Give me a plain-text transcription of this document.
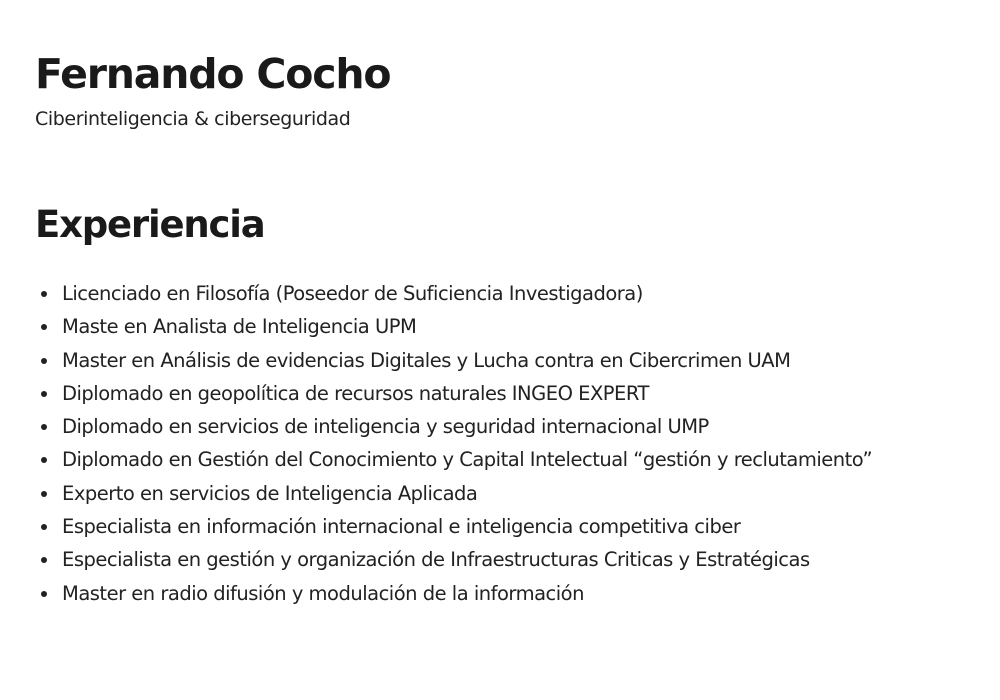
Fernando Cocho
Ciberinteligencia & ciberseguridad
Experiencia
Licenciado en Filosofía (Poseedor de Suficiencia Investigadora)
Maste en Analista de Inteligencia UPM
Master en Análisis de evidencias Digitales y Lucha contra en Cibercrimen UAM
Diplomado en geopolítica de recursos naturales INGEO EXPERT
Diplomado en servicios de inteligencia y seguridad internacional UMP
Diplomado en Gestión del Conocimiento y Capital Intelectual “gestión y reclutamiento”
Experto en servicios de Inteligencia Aplicada
Especialista en información internacional e inteligencia competitiva ciber
Especialista en gestión y organización de Infraestructuras Criticas y Estratégicas
Master en radio difusión y modulación de la información
